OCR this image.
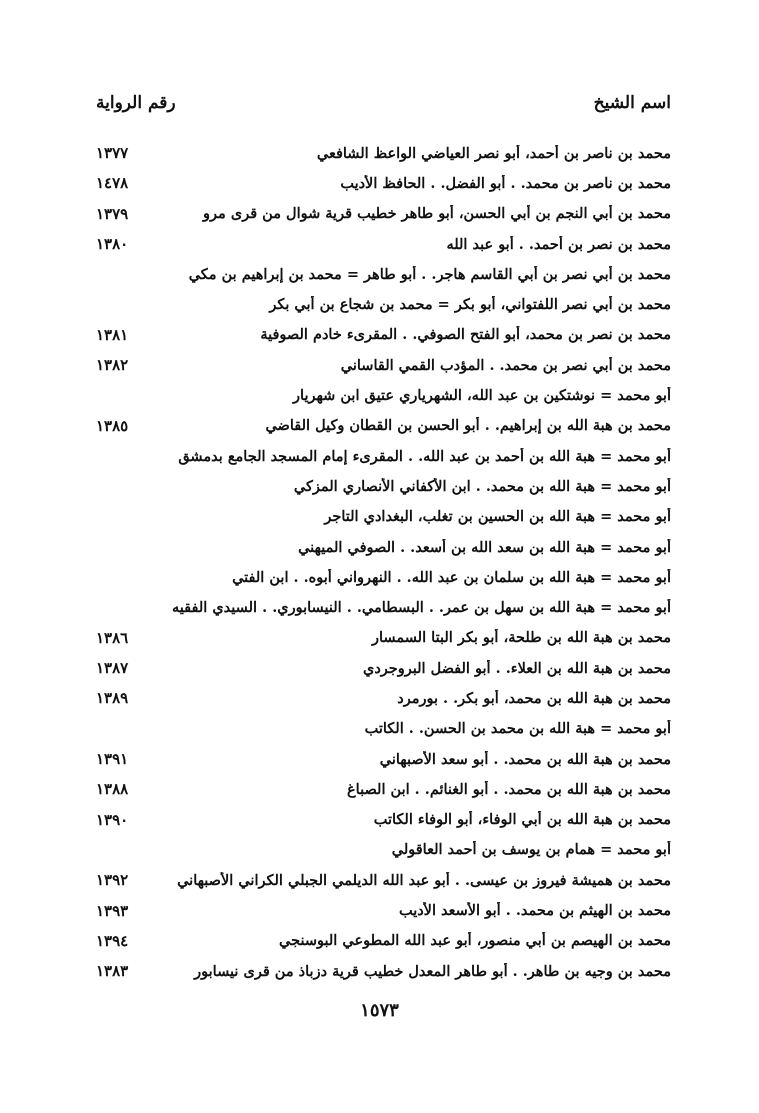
اسم الشيخ
رقم الرواية
محمد بن ناصر بن أحمد، أبو نصر العياضي الواعظ الشافعي
١٣٧٧
محمد بن ناصر بن محمد. . أبو الفضل. . الحافظ الأديب
١٤٧٨
محمد بن أبي النجم بن أبي الحسن، أبو طاهر خطيب قرية شوال من قرى مرو
١٣٧٩
محمد بن نصر بن أحمد. . أبو عبد الله
١٣٨٠
محمد بن أبي نصر بن أبي القاسم هاجر. . أبو طاهر = محمد بن إبراهيم بن مكي
محمد بن أبي نصر اللفتواني، أبو بكر = محمد بن شجاع بن أبي بكر
محمد بن نصر بن محمد، أبو الفتح الصوفي. . المقرىء خادم الصوفية
١٣٨١
محمد بن أبي نصر بن محمد. . المؤدب القمي القاساني
١٣٨٢
أبو محمد = نوشتكين بن عبد الله، الشهرياري عتيق ابن شهريار
محمد بن هبة الله بن إبراهيم. . أبو الحسن بن القطان وكيل القاضي
١٣٨٥
أبو محمد = هبة الله بن أحمد بن عبد الله. . المقرىء إمام المسجد الجامع بدمشق
أبو محمد = هبة الله بن محمد. . ابن الأكفاني الأنصاري المزكي
أبو محمد = هبة الله بن الحسين بن تغلب، البغدادي التاجر
أبو محمد = هبة الله بن سعد الله بن أسعد. . الصوفي الميهني
أبو محمد = هبة الله بن سلمان بن عبد الله. . النهرواني أبوه. . ابن الفتي
أبو محمد = هبة الله بن سهل بن عمر. . البسطامي. . النيسابوري. . السيدي الفقيه
محمد بن هبة الله بن طلحة، أبو بكر البتا السمسار
١٣٨٦
محمد بن هبة الله بن العلاء. . أبو الفضل البروجردي
١٣٨٧
محمد بن هبة الله بن محمد، أبو بكر. . بورمرد
١٣٨٩
أبو محمد = هبة الله بن محمد بن الحسن. . الكاتب
محمد بن هبة الله بن محمد. . أبو سعد الأصبهاني
١٣٩١
محمد بن هبة الله بن محمد. . أبو الغنائم. . ابن الصباغ
١٣٨٨
محمد بن هبة الله بن أبي الوفاء، أبو الوفاء الكاتب
١٣٩٠
أبو محمد = همام بن يوسف بن أحمد العاقولي
محمد بن هميشة فيروز بن عيسى. . أبو عبد الله الديلمي الجبلي الكراني الأصبهاني
١٣٩٢
محمد بن الهيثم بن محمد. . أبو الأسعد الأديب
١٣٩٣
محمد بن الهيصم بن أبي منصور، أبو عبد الله المطوعي البوسنجي
١٣٩٤
محمد بن وجيه بن طاهر. . أبو طاهر المعدل خطيب قرية دزباذ من قرى نيسابور
١٣٨٣
١٥٧٣
